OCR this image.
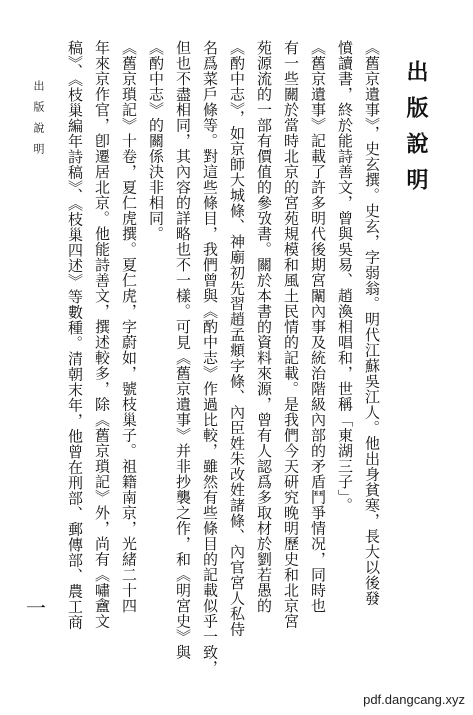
出版說明
《舊京遺事》，史玄撰。史玄，字弱翁。明代江蘇吳江人。他出身貧寒，長大以後發
憤讀書，終於能詩善文，曾與吳易、趙渙相唱和，世稱「東湖三子」。
《舊京遺事》記載了許多明代後期宮闈內事及統治階級內部的矛盾鬥爭情况，同時也
有一些關於當時北京的宮苑規模和風土民情的記載。是我們今天研究晚明歷史和北京宮
苑源流的一部有價值的參攷書。關於本書的資料來源，曾有人認爲多取材於劉若愚的
《酌中志》，如京師大城條、神廟初先習趙孟頫字條、內臣姓朱改姓諸條、內官宮人私侍
名爲菜戶條等。對這些條目，我們曾與《酌中志》作過比較，雖然有些條目的記載似乎一致，
但也不盡相同，其內容的詳略也不一樣。可見《舊京遺事》并非抄襲之作，和《明宮史》與
《酌中志》的關係決非相同。
《舊京瑣記》十卷，夏仁虎撰。夏仁虎，字蔚如，號枝巢子。祖籍南京，光緒二十四
年來京作官，卽遷居北京。他能詩善文，撰述較多，除《舊京瑣記》外，尚有《嘯盦文
稿》、《枝巢編年詩稿》、《枝巢四述》等數種。清朝末年，他曾在刑部、郵傳部、農工商
出版說明
一
pdf.dangcang.xyz
